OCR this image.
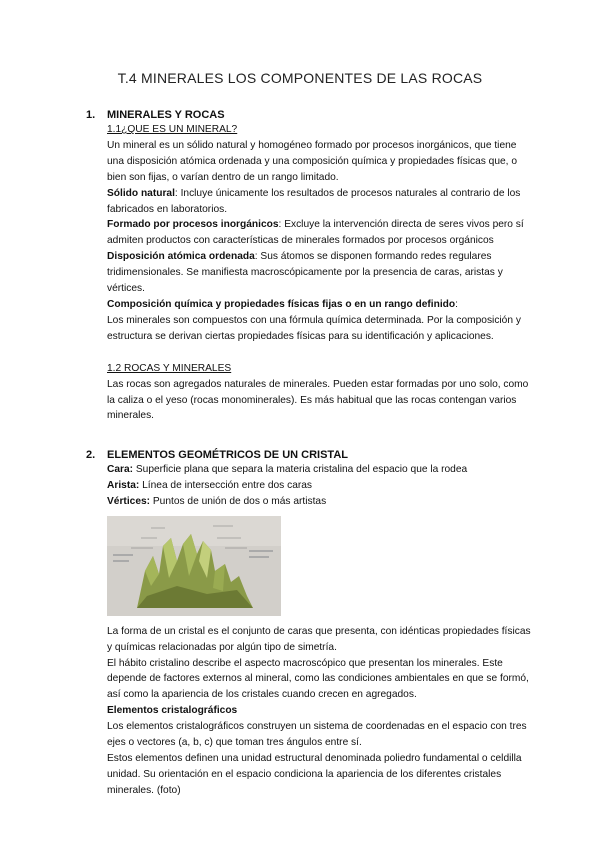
T.4 MINERALES LOS COMPONENTES DE LAS ROCAS
1. MINERALES Y ROCAS
1.1¿QUE ES UN MINERAL?
Un mineral es un sólido natural y homogéneo formado por procesos inorgánicos, que tiene una disposición atómica ordenada y una composición química y propiedades físicas que, o bien son fijas, o varían dentro de un rango limitado.
Sólido natural: Incluye únicamente los resultados de procesos naturales al contrario de los fabricados en laboratorios.
Formado por procesos inorgánicos: Excluye la intervención directa de seres vivos pero sí admiten productos con características de minerales formados por procesos orgánicos
Disposición atómica ordenada: Sus átomos se disponen formando redes regulares tridimensionales. Se manifiesta macroscópicamente por la presencia de caras, aristas y vértices.
Composición química y propiedades físicas fijas o en un rango definido:
Los minerales son compuestos con una fórmula química determinada. Por la composición y estructura se derivan ciertas propiedades físicas para su identificación y aplicaciones.
1.2 ROCAS Y MINERALES
Las rocas son agregados naturales de minerales. Pueden estar formadas por uno solo, como la caliza o el yeso (rocas monominerales). Es más habitual que las rocas contengan varios minerales.
2. ELEMENTOS GEOMÉTRICOS DE UN CRISTAL
Cara: Superficie plana que separa la materia cristalina del espacio que la rodea
Arista: Línea de intersección entre dos caras
Vértices: Puntos de unión de dos o más artistas
La forma de un cristal es el conjunto de caras que presenta, con idénticas propiedades físicas y químicas relacionadas por algún tipo de simetría.
El hábito cristalino describe el aspecto macroscópico que presentan los minerales. Este depende de factores externos al mineral, como las condiciones ambientales en que se formó, así como la apariencia de los cristales cuando crecen en agregados.
Elementos cristalográficos
Los elementos cristalográficos construyen un sistema de coordenadas en el espacio con tres ejes o vectores (a, b, c) que toman tres ángulos entre sí.
Estos elementos definen una unidad estructural denominada poliedro fundamental o celdilla unidad. Su orientación en el espacio condiciona la apariencia de los diferentes cristales minerales. (foto)
